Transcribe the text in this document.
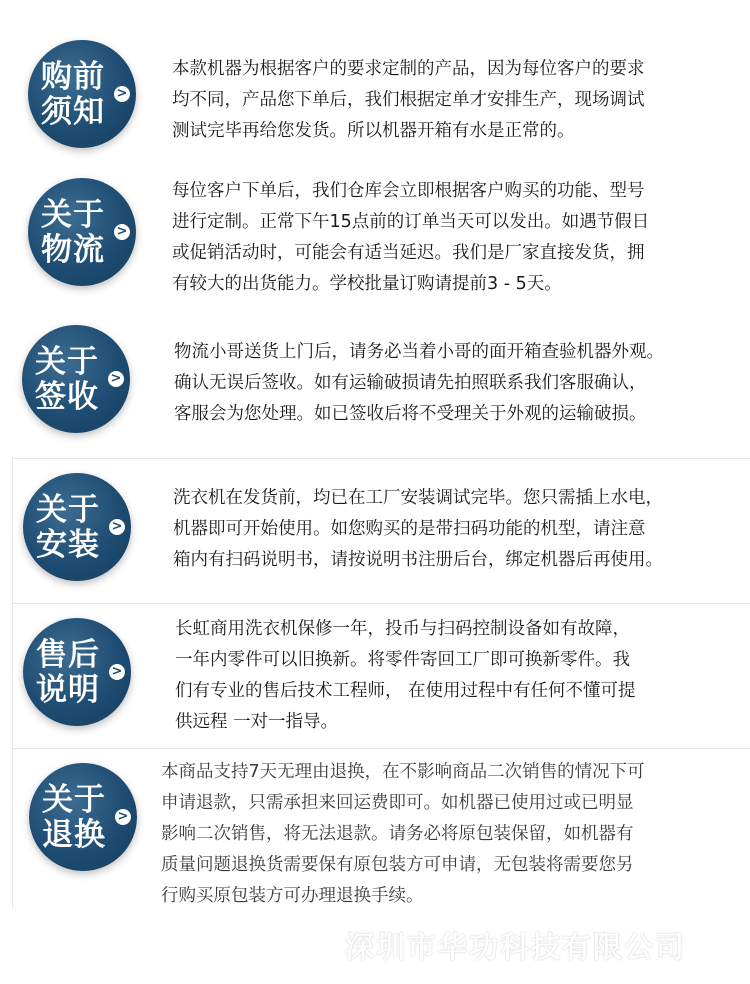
购前
须知
>
本款机器为根据客户的要求定制的产品，因为每位客户的要求
均不同，产品您下单后，我们根据定单才安排生产，现场调试
测试完毕再给您发货。所以机器开箱有水是正常的。
关于
物流
>
每位客户下单后，我们仓库会立即根据客户购买的功能、型号
进行定制。正常下午15点前的订单当天可以发出。如遇节假日
或促销活动时，可能会有适当延迟。我们是厂家直接发货，拥
有较大的出货能力。学校批量订购请提前3 - 5天。
关于
签收
>
物流小哥送货上门后，请务必当着小哥的面开箱查验机器外观。
确认无误后签收。如有运输破损请先拍照联系我们客服确认，
客服会为您处理。如已签收后将不受理关于外观的运输破损。
关于
安装
>
洗衣机在发货前，均已在工厂安装调试完毕。您只需插上水电，
机器即可开始使用。如您购买的是带扫码功能的机型，请注意
箱内有扫码说明书，请按说明书注册后台，绑定机器后再使用。
售后
说明
>
长虹商用洗衣机保修一年，投币与扫码控制设备如有故障，
一年内零件可以旧换新。将零件寄回工厂即可换新零件。我
们有专业的售后技术工程师， 在使用过程中有任何不懂可提
供远程 一对一指导。
关于
退换
>
本商品支持7天无理由退换，在不影响商品二次销售的情况下可
申请退款，只需承担来回运费即可。如机器已使用过或已明显
影响二次销售，将无法退款。请务必将原包装保留，如机器有
质量问题退换货需要保有原包装方可申请，无包装将需要您另
行购买原包装方可办理退换手续。
深圳市华功科技有限公司
